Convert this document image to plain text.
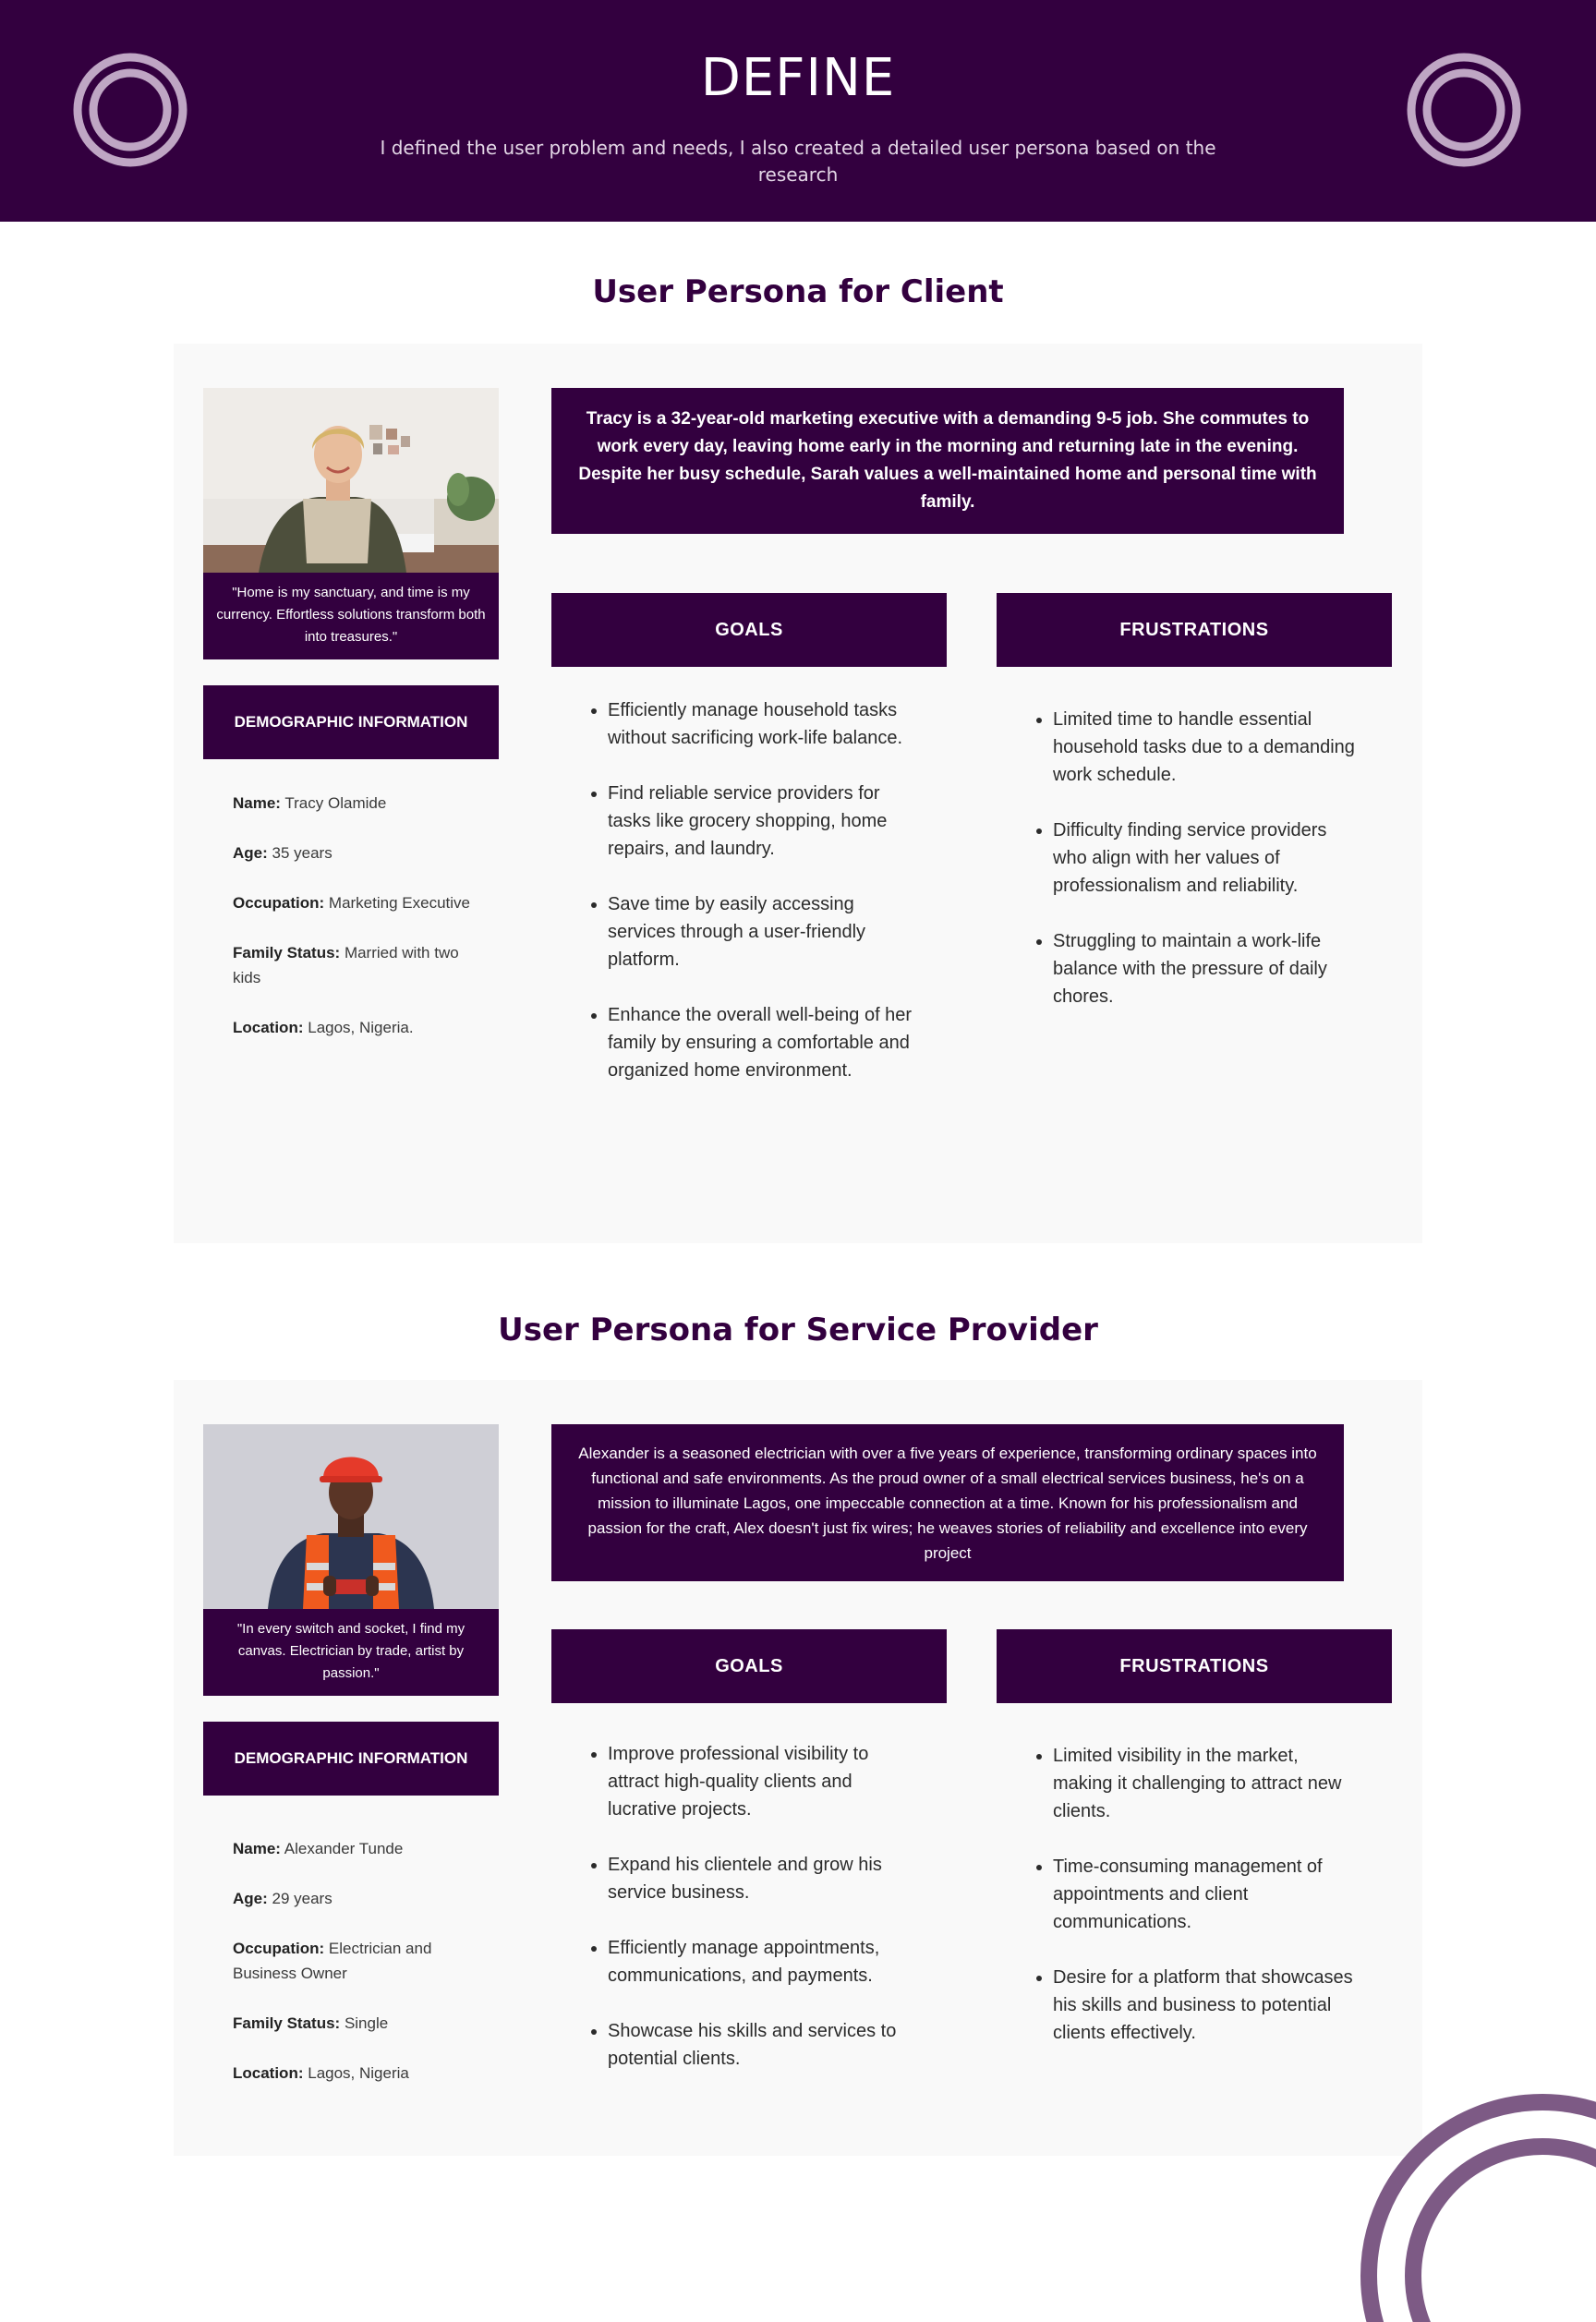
DEFINE

I defined the user problem and needs, I also created a detailed user persona based on the research

User Persona for Client
"Home is my sanctuary, and time is my currency. Effortless solutions transform both into treasures."
DEMOGRAPHIC INFORMATION
Name: Tracy Olamide
Age: 35 years
Occupation: Marketing Executive
Family Status: Married with two kids
Location: Lagos, Nigeria.
Tracy is a 32-year-old marketing executive with a demanding 9-5 job. She commutes to work every day, leaving home early in the morning and returning late in the evening. Despite her busy schedule, Sarah values a well-maintained home and personal time with family.
GOALS	FRUSTRATIONS
• Efficiently manage household tasks without sacrificing work-life balance.
• Find reliable service providers for tasks like grocery shopping, home repairs, and laundry.
• Save time by easily accessing services through a user-friendly platform.
• Enhance the overall well-being of her family by ensuring a comfortable and organized home environment.
• Limited time to handle essential household tasks due to a demanding work schedule.
• Difficulty finding service providers who align with her values of professionalism and reliability.
• Struggling to maintain a work-life balance with the pressure of daily chores.
User Persona for Service Provider
"In every switch and socket, I find my canvas. Electrician by trade, artist by passion."
DEMOGRAPHIC INFORMATION
Name: Alexander Tunde
Age: 29 years
Occupation: Electrician and Business Owner
Family Status: Single
Location: Lagos, Nigeria
Alexander is a seasoned electrician with over a five years of experience, transforming ordinary spaces into functional and safe environments. As the proud owner of a small electrical services business, he's on a mission to illuminate Lagos, one impeccable connection at a time. Known for his professionalism and passion for the craft, Alex doesn't just fix wires; he weaves stories of reliability and excellence into every project
GOALS	FRUSTRATIONS
• Improve professional visibility to attract high-quality clients and lucrative projects.
• Expand his clientele and grow his service business.
• Efficiently manage appointments, communications, and payments.
• Showcase his skills and services to potential clients.
• Limited visibility in the market, making it challenging to attract new clients.
• Time-consuming management of appointments and client communications.
• Desire for a platform that showcases his skills and business to potential clients effectively.
